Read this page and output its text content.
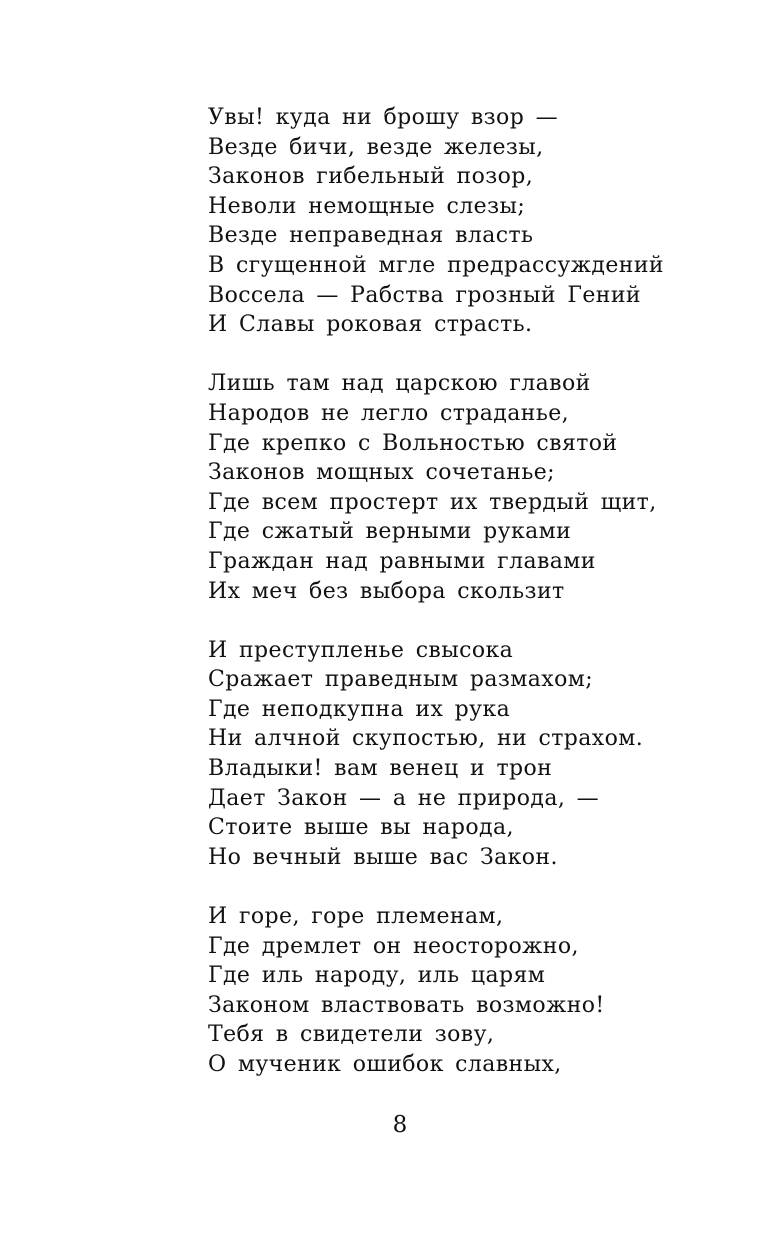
Увы! куда ни брошу взор —
Везде бичи, везде железы,
Законов гибельный позор,
Неволи немощные слезы;
Везде неправедная власть
В сгущенной мгле предрассуждений
Воссела — Рабства грозный Гений
И Славы роковая страсть.
Лишь там над царскою главой
Народов не легло страданье,
Где крепко с Вольностью святой
Законов мощных сочетанье;
Где всем простерт их твердый щит,
Где сжатый верными руками
Граждан над равными главами
Их меч без выбора скользит
И преступленье свысока
Сражает праведным размахом;
Где неподкупна их рука
Ни алчной скупостью, ни страхом.
Владыки! вам венец и трон
Дает Закон — а не природа, —
Стоите выше вы народа,
Но вечный выше вас Закон.
И горе, горе племенам,
Где дремлет он неосторожно,
Где иль народу, иль царям
Законом властвовать возможно!
Тебя в свидетели зову,
О мученик ошибок славных,
8
